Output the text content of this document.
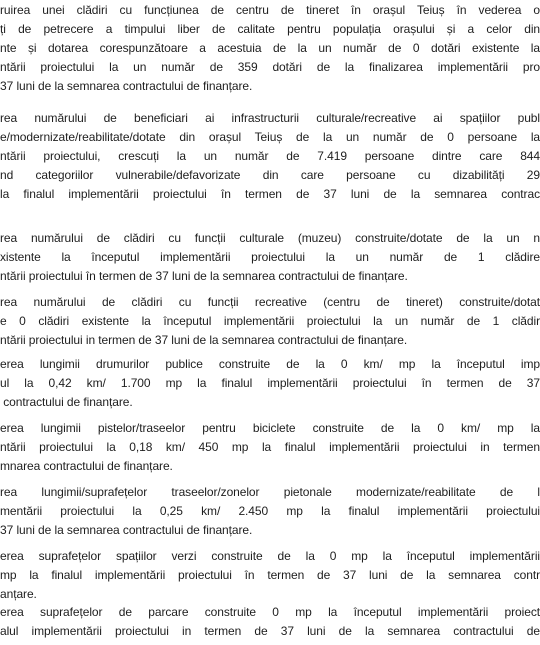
ruirea unei clădiri cu funcțiunea de centru de tineret în orașul Teiuș în vederea o
ți de petrecere a timpului liber de calitate pentru populația orașului și a celor din
nte și dotarea corespunzătoare a acestuia de la un număr de 0 dotări existente la
ntării proiectului la un număr de 359 dotări de la finalizarea implementării pro
37 luni de la semnarea contractului de finanțare.
rea numărului de beneficiari ai infrastructurii culturale/recreative ai spațiilor publ
e/modernizate/reabilitate/dotate din orașul Teiuș de la un număr de 0 persoane la
ntării proiectului, crescuți la un număr de 7.419 persoane dintre care 844
nd categoriilor vulnerabile/defavorizate din care persoane cu dizabilități 29
la finalul implementării proiectului în termen de 37 luni de la semnarea contrac
rea numărului de clădiri cu funcții culturale (muzeu) construite/dotate de la un n
xistente la începutul implementării proiectului la un număr de 1 clădire
ntării proiectului în termen de 37 luni de la semnarea contractului de finanțare.
rea numărului de clădiri cu funcții recreative (centru de tineret) construite/dotat
e 0 clădiri existente la începutul implementării proiectului la un număr de 1 clădir
ntării proiectului in termen de 37 luni de la semnarea contractului de finanțare.
erea lungimii drumurilor publice construite de la 0 km/ mp la începutul imp
ul la 0,42 km/ 1.700 mp la finalul implementării proiectului în termen de 37
contractului de finanțare.
erea lungimii pistelor/traseelor pentru biciclete construite de la 0 km/ mp la
ntării proiectului la 0,18 km/ 450 mp la finalul implementării proiectului in termen
mnarea contractului de finanțare.
rea lungimii/suprafețelor traseelor/zonelor pietonale modernizate/reabilitate de l
mentării proiectului la 0,25 km/ 2.450 mp la finalul implementării proiectului
37 luni de la semnarea contractului de finanțare.
erea suprafețelor spațiilor verzi construite de la 0 mp la începutul implementării
mp la finalul implementării proiectului în termen de 37 luni de la semnarea contr
anțare.
erea suprafețelor de parcare construite 0 mp la începutul implementării proiect
alul implementării proiectului in termen de 37 luni de la semnarea contractului de
